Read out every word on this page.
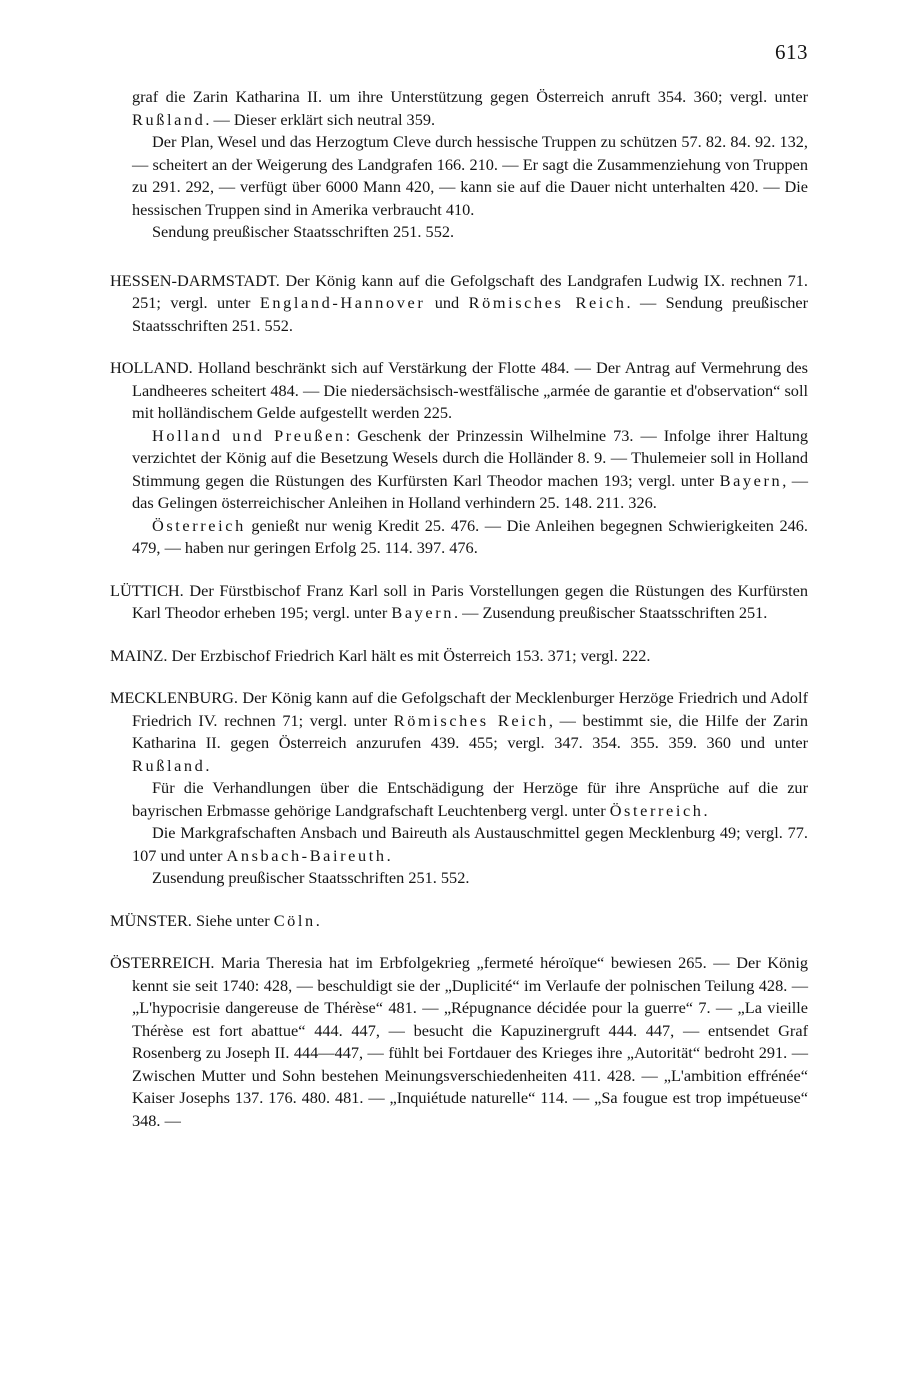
613

graf die Zarin Katharina II. um ihre Unterstützung gegen Österreich anruft 354. 360; vergl. unter Rußland. — Dieser erklärt sich neutral 359.

Der Plan, Wesel und das Herzogtum Cleve durch hessische Truppen zu schützen 57. 82. 84. 92. 132, — scheitert an der Weigerung des Landgrafen 166. 210. — Er sagt die Zusammenziehung von Truppen zu 291. 292, — verfügt über 6000 Mann 420, — kann sie auf die Dauer nicht unterhalten 420. — Die hessischen Truppen sind in Amerika verbraucht 410.

Sendung preußischer Staatsschriften 251. 552.

HESSEN-DARMSTADT. Der König kann auf die Gefolgschaft des Landgrafen Ludwig IX. rechnen 71. 251; vergl. unter England-Hannover und Römisches Reich. — Sendung preußischer Staatsschriften 251. 552.

HOLLAND. Holland beschränkt sich auf Verstärkung der Flotte 484. — Der Antrag auf Vermehrung des Landheeres scheitert 484. — Die niedersächsisch-westfälische „armée de garantie et d'observation“ soll mit holländischem Gelde aufgestellt werden 225.

Holland und Preußen: Geschenk der Prinzessin Wilhelmine 73. — Infolge ihrer Haltung verzichtet der König auf die Besetzung Wesels durch die Holländer 8. 9. — Thulemeier soll in Holland Stimmung gegen die Rüstungen des Kurfürsten Karl Theodor machen 193; vergl. unter Bayern, — das Gelingen österreichischer Anleihen in Holland verhindern 25. 148. 211. 326.

Österreich genießt nur wenig Kredit 25. 476. — Die Anleihen begegnen Schwierigkeiten 246. 479, — haben nur geringen Erfolg 25. 114. 397. 476.

LÜTTICH. Der Fürstbischof Franz Karl soll in Paris Vorstellungen gegen die Rüstungen des Kurfürsten Karl Theodor erheben 195; vergl. unter Bayern. — Zusendung preußischer Staatsschriften 251.

MAINZ. Der Erzbischof Friedrich Karl hält es mit Österreich 153. 371; vergl. 222.

MECKLENBURG. Der König kann auf die Gefolgschaft der Mecklenburger Herzöge Friedrich und Adolf Friedrich IV. rechnen 71; vergl. unter Römisches Reich, — bestimmt sie, die Hilfe der Zarin Katharina II. gegen Österreich anzurufen 439. 455; vergl. 347. 354. 355. 359. 360 und unter Rußland.

Für die Verhandlungen über die Entschädigung der Herzöge für ihre Ansprüche auf die zur bayrischen Erbmasse gehörige Landgrafschaft Leuchtenberg vergl. unter Österreich.

Die Markgrafschaften Ansbach und Baireuth als Austauschmittel gegen Mecklenburg 49; vergl. 77. 107 und unter Ansbach-Baireuth.

Zusendung preußischer Staatsschriften 251. 552.

MÜNSTER. Siehe unter Cöln.

ÖSTERREICH. Maria Theresia hat im Erbfolgekrieg „fermeté héroïque“ bewiesen 265. — Der König kennt sie seit 1740: 428, — beschuldigt sie der „Duplicité“ im Verlaufe der polnischen Teilung 428. — „L'hypocrisie dangereuse de Thérèse“ 481. — „Répugnance décidée pour la guerre“ 7. — „La vieille Thérèse est fort abattue“ 444. 447, — besucht die Kapuzinergruft 444. 447, — entsendet Graf Rosenberg zu Joseph II. 444—447, — fühlt bei Fortdauer des Krieges ihre „Autorität“ bedroht 291. — Zwischen Mutter und Sohn bestehen Meinungsverschiedenheiten 411. 428. — „L'ambition effrénée“ Kaiser Josephs 137. 176. 480. 481. — „Inquiétude naturelle“ 114. — „Sa fougue est trop impétueuse“ 348. —
